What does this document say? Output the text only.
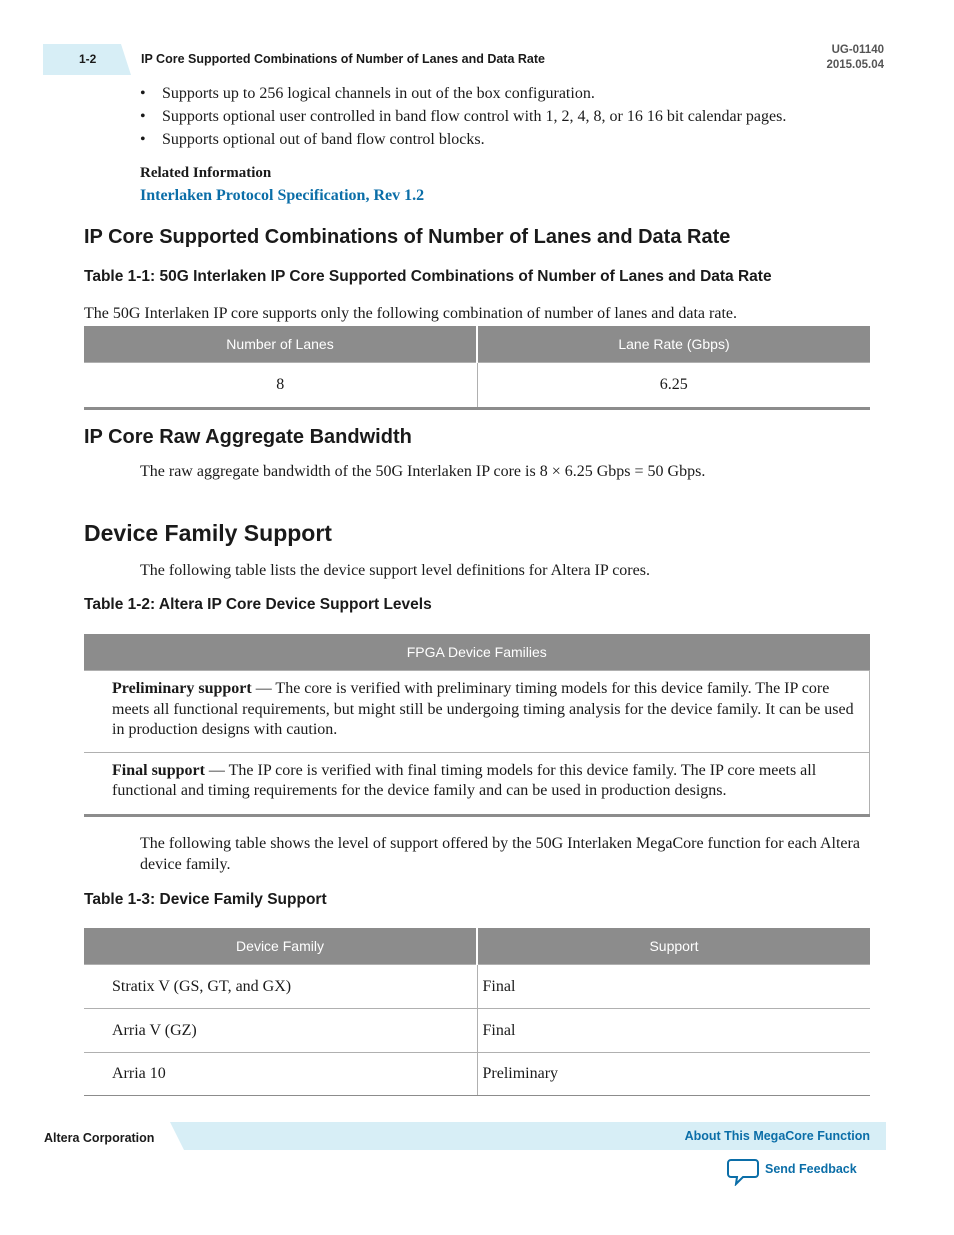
1-2	IP Core Supported Combinations of Number of Lanes and Data Rate
UG-01140
2015.05.04
• Supports up to 256 logical channels in out of the box configuration.
• Supports optional user controlled in band flow control with 1, 2, 4, 8, or 16 16 bit calendar pages.
• Supports optional out of band flow control blocks.
Related Information
Interlaken Protocol Specification, Rev 1.2
IP Core Supported Combinations of Number of Lanes and Data Rate
Table 1-1: 50G Interlaken IP Core Supported Combinations of Number of Lanes and Data Rate
The 50G Interlaken IP core supports only the following combination of number of lanes and data rate.
Number of Lanes	Lane Rate (Gbps)
8	6.25
IP Core Raw Aggregate Bandwidth
The raw aggregate bandwidth of the 50G Interlaken IP core is 8 × 6.25 Gbps = 50 Gbps.
Device Family Support
The following table lists the device support level definitions for Altera IP cores.
Table 1-2: Altera IP Core Device Support Levels
FPGA Device Families
Preliminary support — The core is verified with preliminary timing models for this device family. The IP core meets all functional requirements, but might still be undergoing timing analysis for the device family. It can be used in production designs with caution.
Final support — The IP core is verified with final timing models for this device family. The IP core meets all functional and timing requirements for the device family and can be used in production designs.
The following table shows the level of support offered by the 50G Interlaken MegaCore function for each Altera device family.
Table 1-3: Device Family Support
Device Family	Support
Stratix V (GS, GT, and GX)	Final
Arria V (GZ)	Final
Arria 10	Preliminary
Altera Corporation	About This MegaCore Function
Send Feedback
